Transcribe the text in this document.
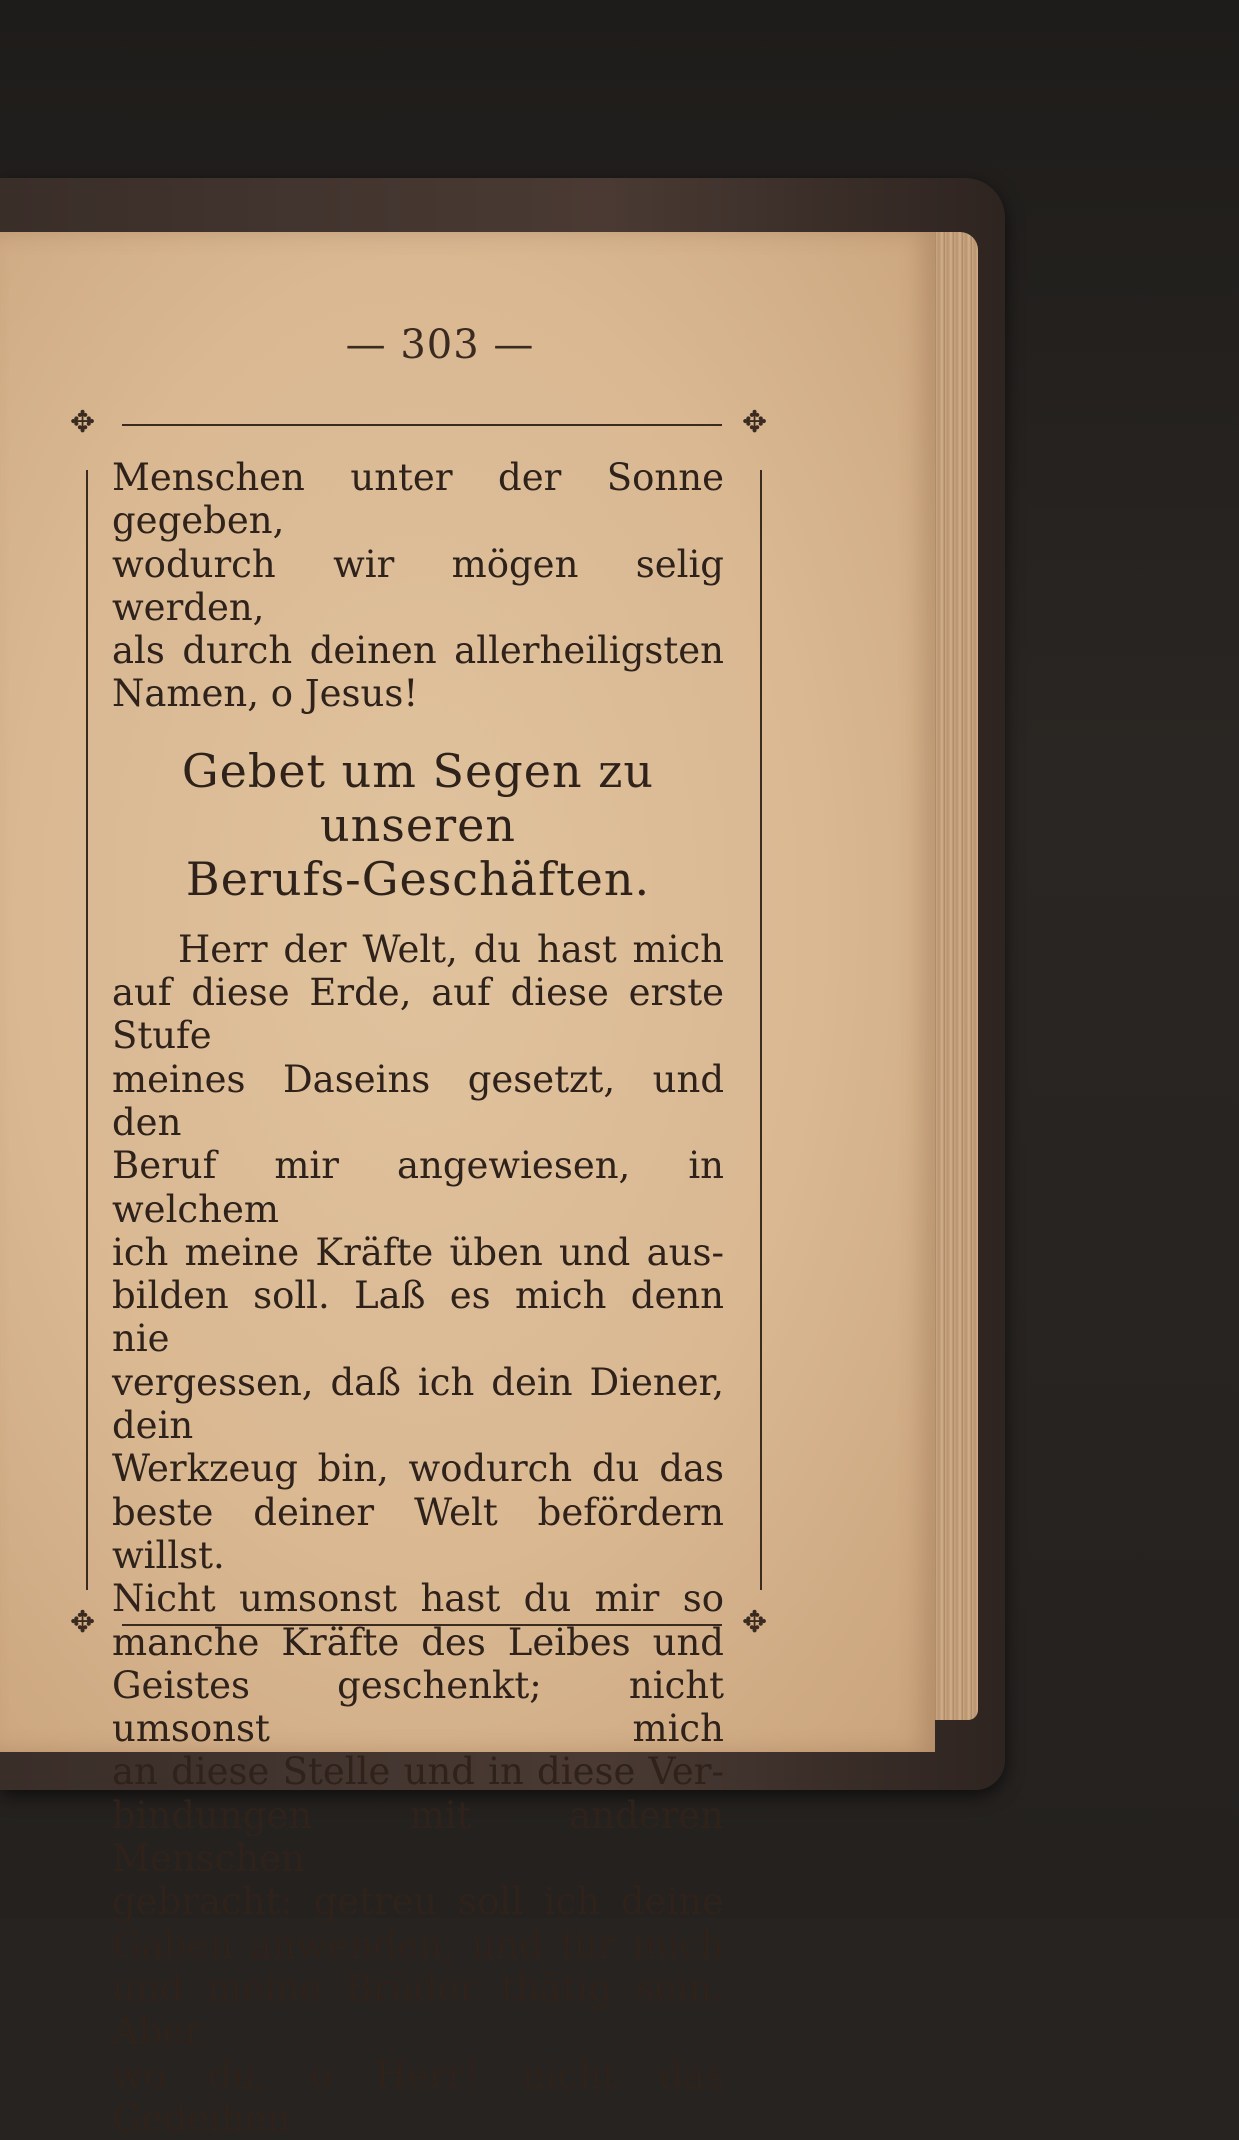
— 303 —
✥	✥
✥	✥

Menschen unter der Sonne gegeben,
wodurch wir mögen selig werden,
als durch deinen allerheiligsten

Namen, o Jesus!

Gebet um Segen zu unseren
Berufs-Geschäften.

Herr der Welt, du hast mich
auf diese Erde, auf diese erste Stufe
meines Daseins gesetzt, und den
Beruf mir angewiesen, in welchem
ich meine Kräfte üben und aus-
bilden soll. Laß es mich denn nie
vergessen, daß ich dein Diener, dein
Werkzeug bin, wodurch du das
beste deiner Welt befördern willst.
Nicht umsonst hast du mir so
manche Kräfte des Leibes und
Geistes geschenkt; nicht umsonst mich
an diese Stelle und in diese Ver-
bindungen mit anderen Menschen
gebracht: getreu soll ich deine
Gaben anwenden, und für mich
und meine Brüder thätig sein. Aber,
wo du, o Herr! nicht das Gedeihen
